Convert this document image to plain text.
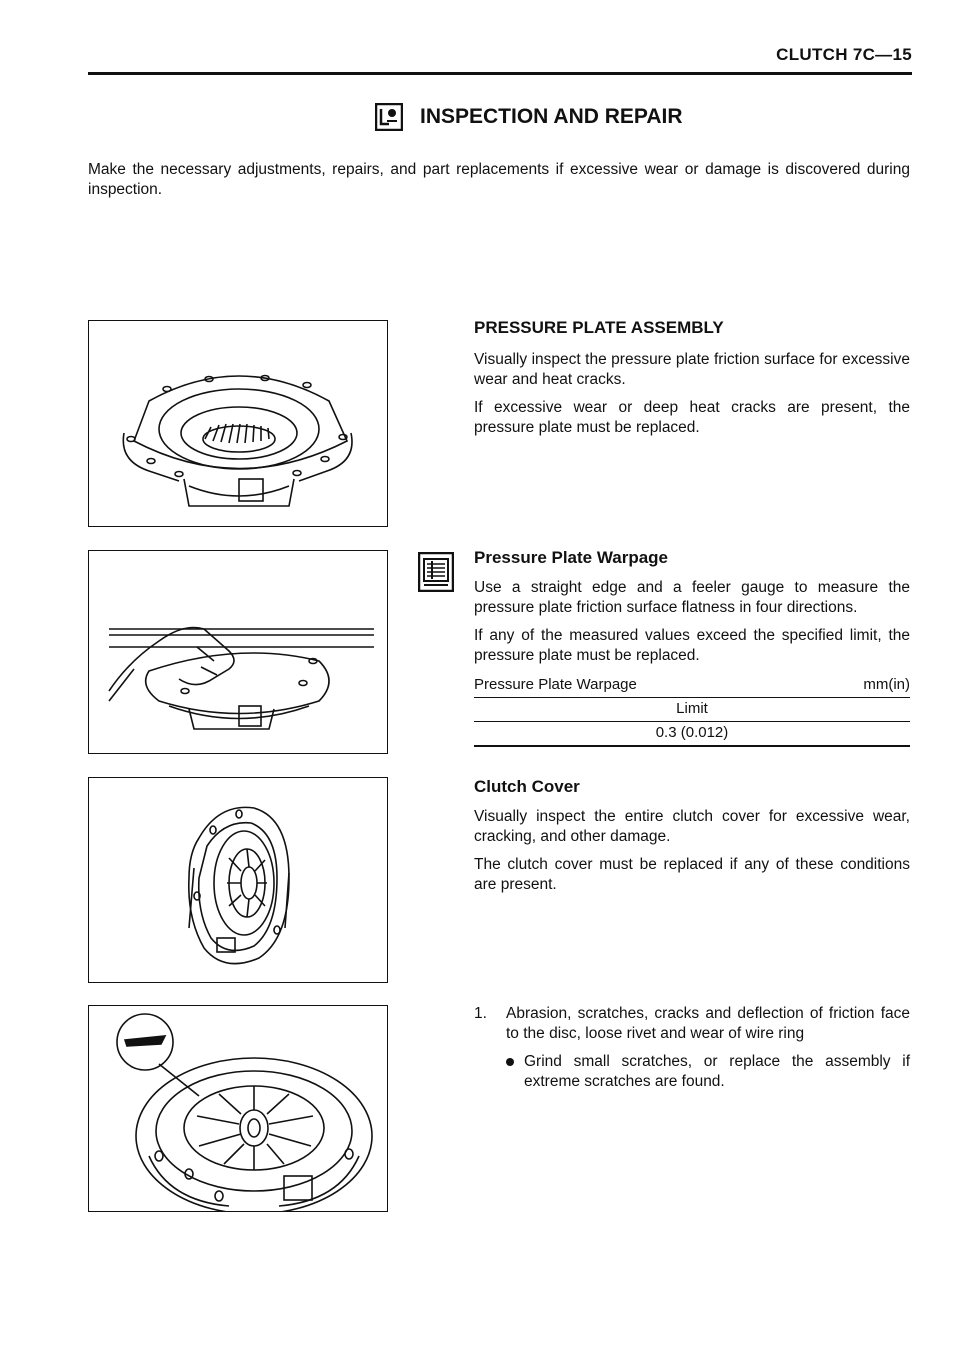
CLUTCH 7C—15
INSPECTION AND REPAIR
Make the necessary adjustments, repairs, and part replacements if excessive wear or damage is discovered during inspection.
PRESSURE PLATE ASSEMBLY

Visually inspect the pressure plate friction surface for excessive wear and heat cracks.

If excessive wear or deep heat cracks are present, the pressure plate must be replaced.

Pressure Plate Warpage

Use a straight edge and a feeler gauge to measure the pressure plate friction surface flatness in four directions.

If any of the measured values exceed the specified limit, the pressure plate must be replaced.

Pressure Plate Warpage	mm(in)
Limit
0.3 (0.012)
Clutch Cover

Visually inspect the entire clutch cover for excessive wear, cracking, and other damage.

The clutch cover must be replaced if any of these conditions are present.

1. Abrasion, scratches, cracks and deflection of friction face to the disc, loose rivet and wear of wire ring
Grind small scratches, or replace the assembly if extreme scratches are found.
